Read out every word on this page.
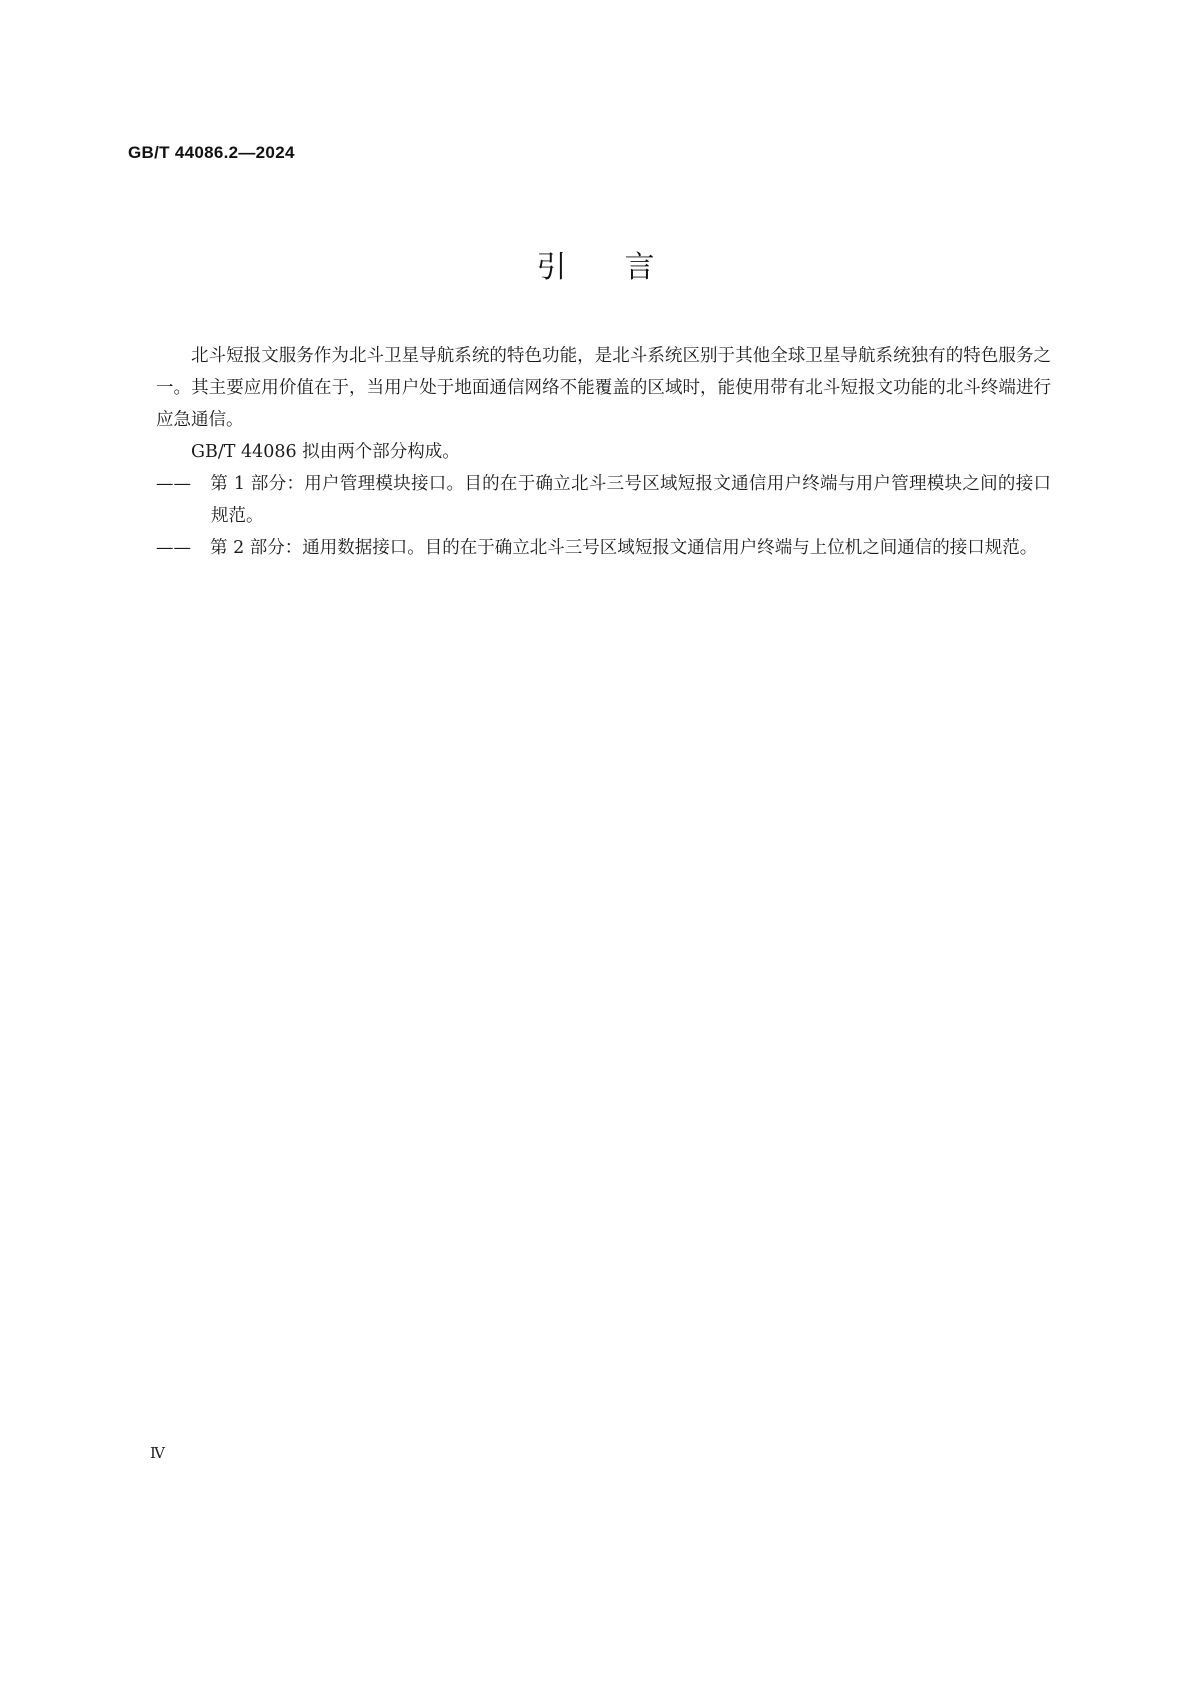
GB/T 44086.2—2024
引言

北斗短报文服务作为北斗卫星导航系统的特色功能，是北斗系统区别于其他全球卫星导航系统独有的特色服务之一。其主要应用价值在于，当用户处于地面通信网络不能覆盖的区域时，能使用带有北斗短报文功能的北斗终端进行应急通信。

GB/T 44086 拟由两个部分构成。

—— 第 1 部分：用户管理模块接口。目的在于确立北斗三号区域短报文通信用户终端与用户管理模块之间的接口规范。

—— 第 2 部分：通用数据接口。目的在于确立北斗三号区域短报文通信用户终端与上位机之间通信的接口规范。

Ⅳ
